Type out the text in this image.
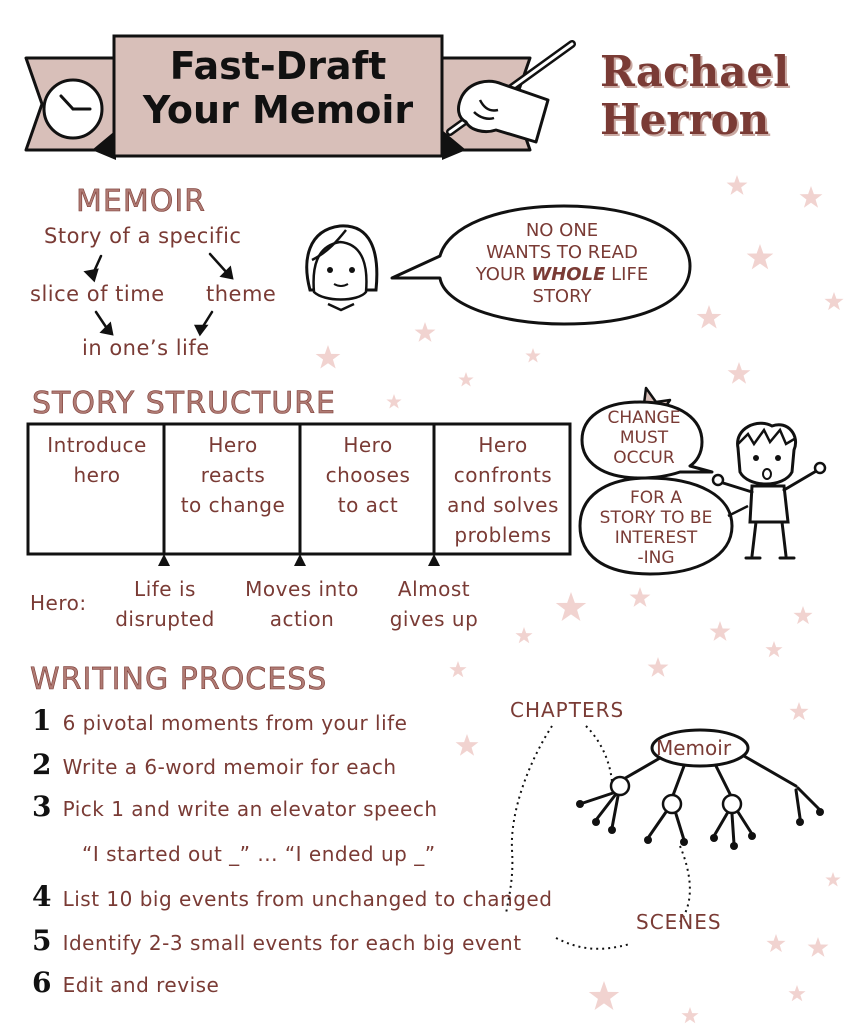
Fast-Draft
Your Memoir
Rachael
Herron
MEMOIR
Story of a specific
slice of time theme
in one’s life
NO ONE
WANTS TO READ
YOUR WHOLE LIFE
STORY
STORY STRUCTURE
Introduce
hero
Hero
reacts
to change
Hero
chooses
to act
Hero
confronts
and solves
problems
Hero:
Life is
disrupted
Moves into
action
Almost
gives up
CHANGE
MUST
OCCUR
FOR A
STORY TO BE
INTEREST
-ING
WRITING PROCESS
1 6 pivotal moments from your life
2 Write a 6-word memoir for each
3 Pick 1 and write an elevator speech
“I started out _” ... “I ended up _”
4 List 10 big events from unchanged to changed
5 Identify 2-3 small events for each big event
6 Edit and revise
Memoir
CHAPTERS
SCENES
